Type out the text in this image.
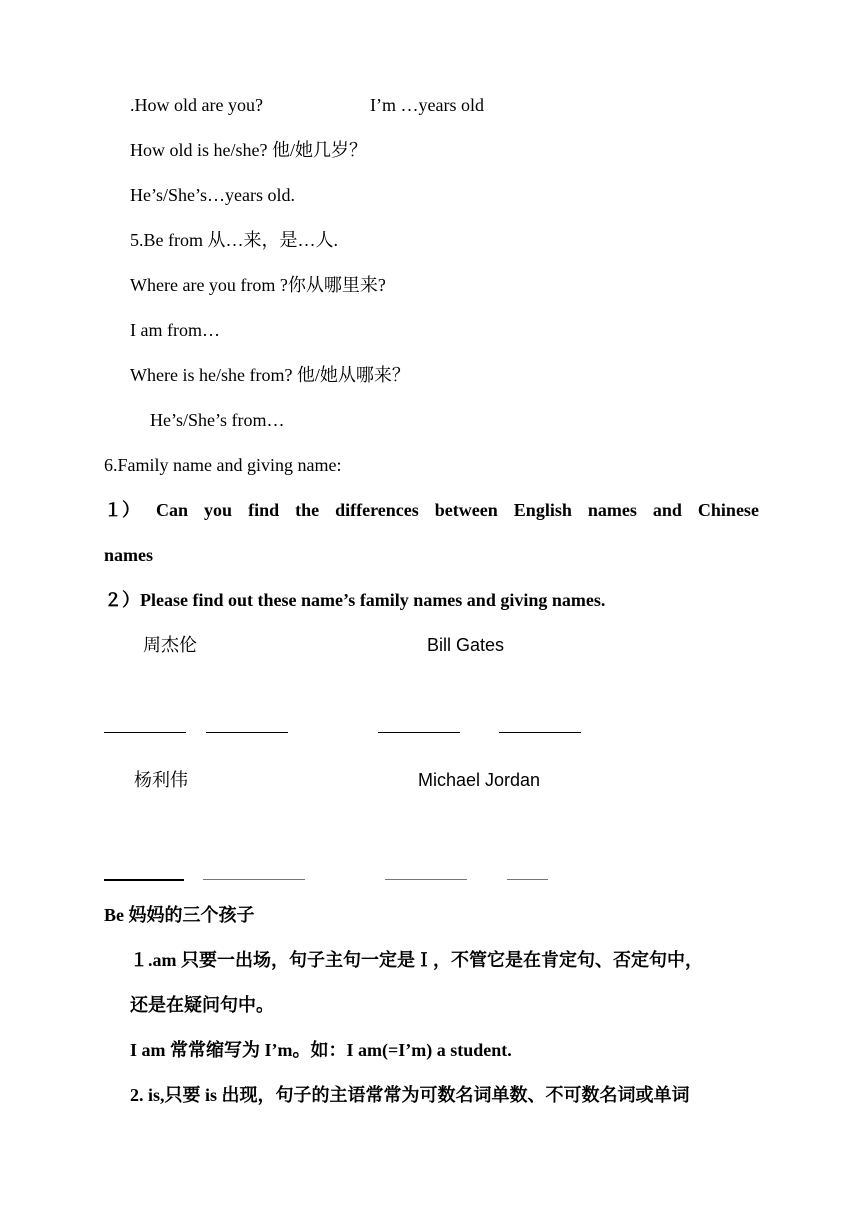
.How old are you?	I’m …years old
How old is he/she? 他/她几岁？
He’s/She’s…years old.
5.Be from 从…来，是…人.
Where are you from ?你从哪里来?
I am from…
Where is he/she from? 他/她从哪来？
He’s/She’s from…
6.Family name and giving name:
１） Can you find the differences between English names and Chinese
names
２）Please find out these name’s family names and giving names.
周杰伦	Bill Gates
杨利伟	Michael Jordan
Be 妈妈的三个孩子
１.am 只要一出场，句子主句一定是Ｉ，不管它是在肯定句、否定句中，
还是在疑问句中。
I am 常常缩写为 I’m。如：I am(=I’m) a student.
2. is,只要 is 出现，句子的主语常常为可数名词单数、不可数名词或单词
